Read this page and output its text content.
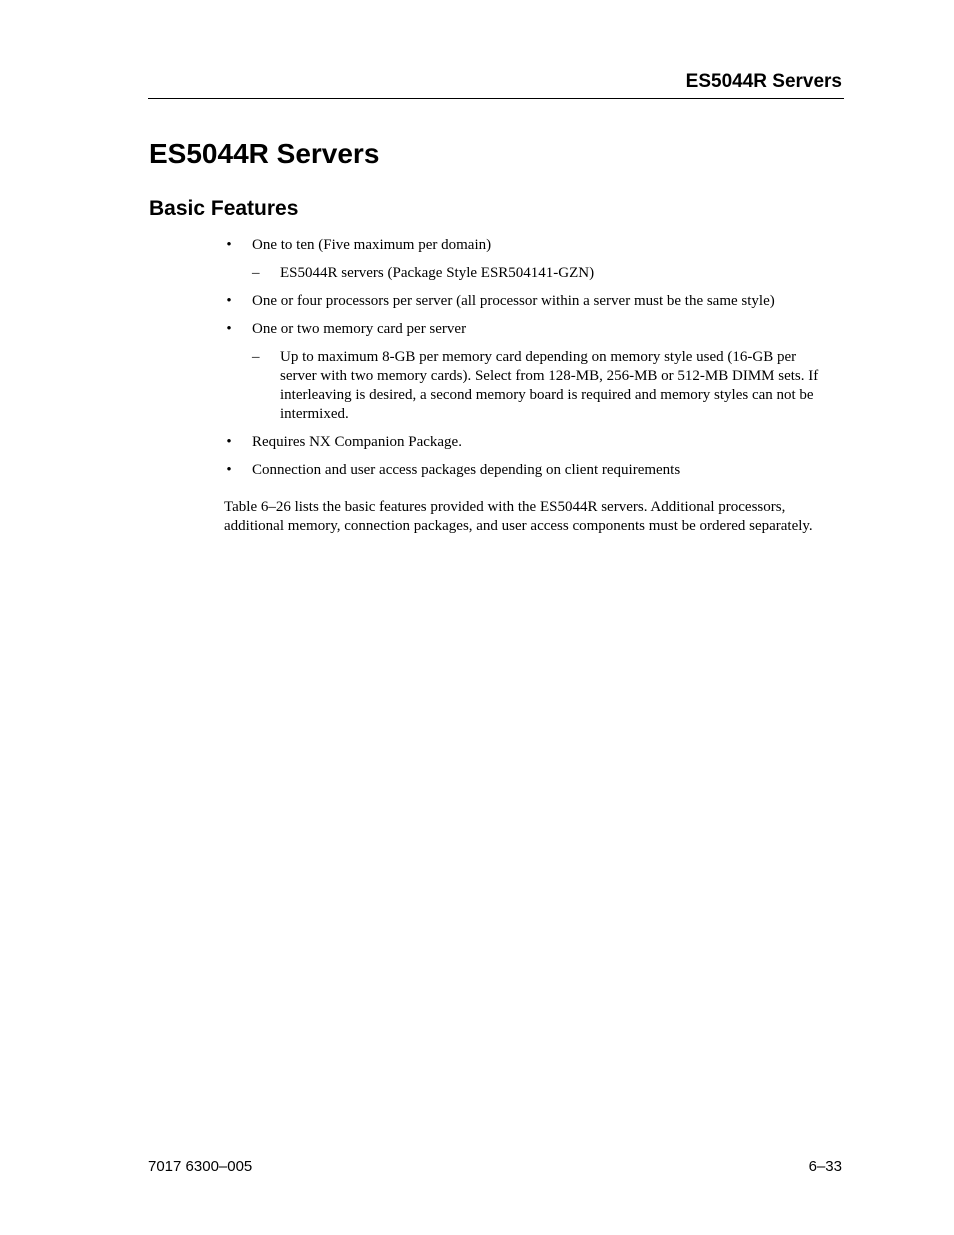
ES5044R Servers
ES5044R Servers
Basic Features
• One to ten (Five maximum per domain)
– ES5044R servers (Package Style ESR504141-GZN)
• One or four processors per server (all processor within a server must be the same style)
• One or two memory card per server
– Up to maximum 8-GB per memory card depending on memory style used (16-GB per server with two memory cards). Select from 128-MB, 256-MB or 512-MB DIMM sets. If interleaving is desired, a second memory board is required and memory styles can not be intermixed.
• Requires NX Companion Package.
• Connection and user access packages depending on client requirements

Table 6–26 lists the basic features provided with the ES5044R servers. Additional processors, additional memory, connection packages, and user access components must be ordered separately.

7017 6300–005	6–33
